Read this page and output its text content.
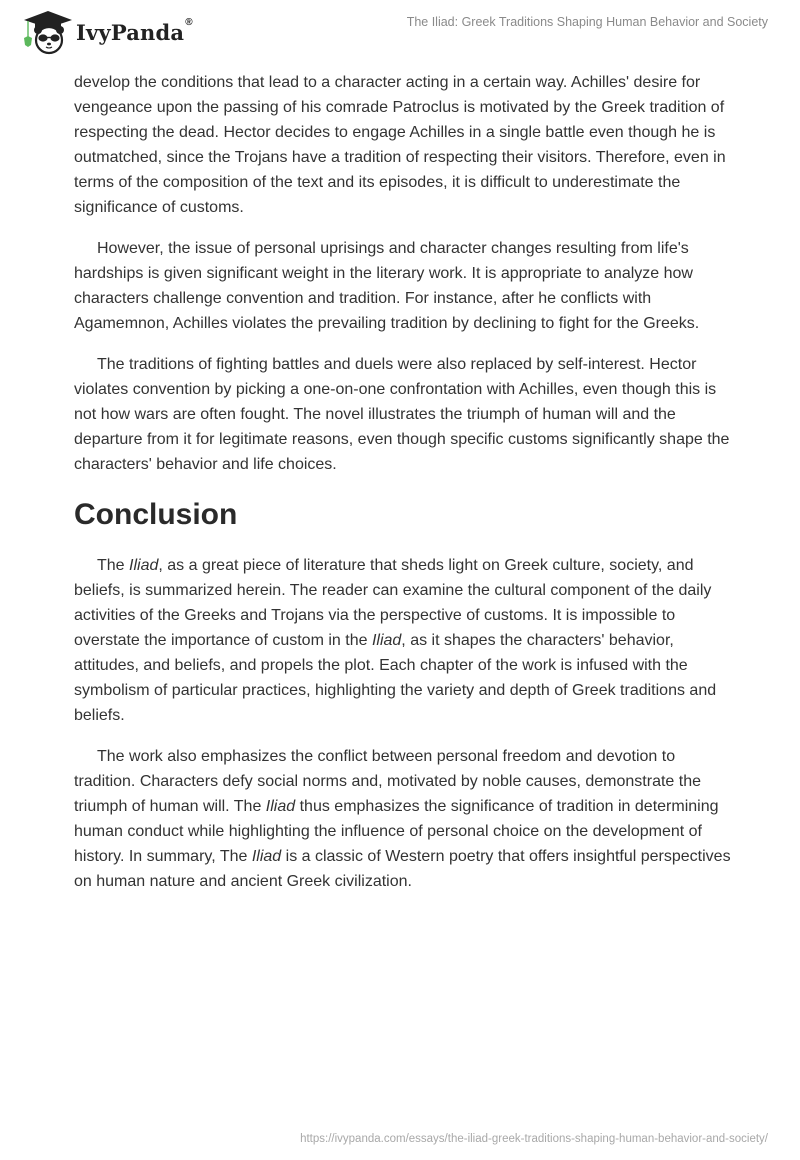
IvyPanda®	The Iliad: Greek Traditions Shaping Human Behavior and Society

develop the conditions that lead to a character acting in a certain way. Achilles' desire for vengeance upon the passing of his comrade Patroclus is motivated by the Greek tradition of respecting the dead. Hector decides to engage Achilles in a single battle even though he is outmatched, since the Trojans have a tradition of respecting their visitors. Therefore, even in terms of the composition of the text and its episodes, it is difficult to underestimate the significance of customs.

However, the issue of personal uprisings and character changes resulting from life's hardships is given significant weight in the literary work. It is appropriate to analyze how characters challenge convention and tradition. For instance, after he conflicts with Agamemnon, Achilles violates the prevailing tradition by declining to fight for the Greeks.

The traditions of fighting battles and duels were also replaced by self-interest. Hector violates convention by picking a one-on-one confrontation with Achilles, even though this is not how wars are often fought. The novel illustrates the triumph of human will and the departure from it for legitimate reasons, even though specific customs significantly shape the characters' behavior and life choices.

Conclusion

The Iliad, as a great piece of literature that sheds light on Greek culture, society, and beliefs, is summarized herein. The reader can examine the cultural component of the daily activities of the Greeks and Trojans via the perspective of customs. It is impossible to overstate the importance of custom in the Iliad, as it shapes the characters' behavior, attitudes, and beliefs, and propels the plot. Each chapter of the work is infused with the symbolism of particular practices, highlighting the variety and depth of Greek traditions and beliefs.

The work also emphasizes the conflict between personal freedom and devotion to tradition. Characters defy social norms and, motivated by noble causes, demonstrate the triumph of human will. The Iliad thus emphasizes the significance of tradition in determining human conduct while highlighting the influence of personal choice on the development of history. In summary, The Iliad is a classic of Western poetry that offers insightful perspectives on human nature and ancient Greek civilization.

https://ivypanda.com/essays/the-iliad-greek-traditions-shaping-human-behavior-and-society/
